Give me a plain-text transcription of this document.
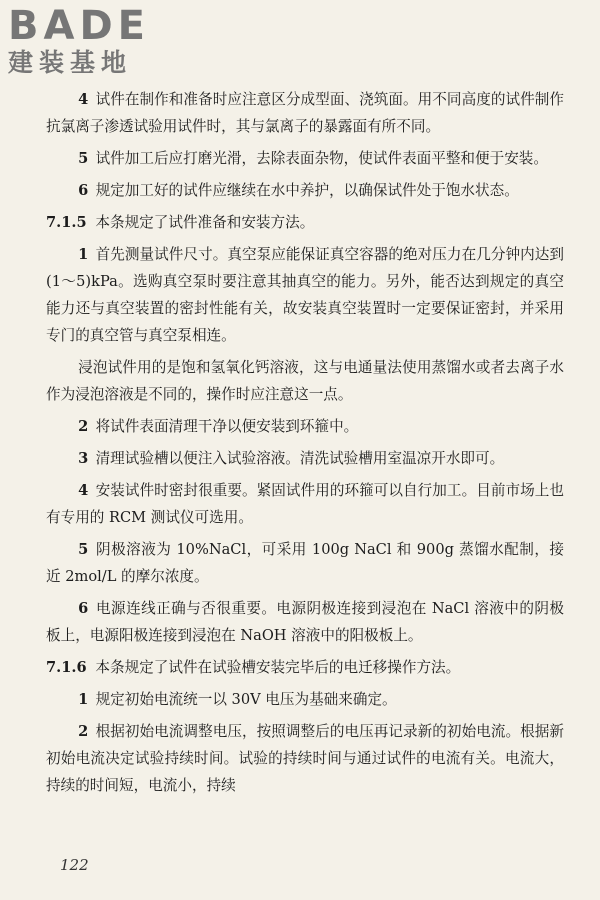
BADE
建装基地

4 试件在制作和准备时应注意区分成型面、浇筑面。用不同高度的试件制作抗氯离子渗透试验用试件时，其与氯离子的暴露面有所不同。

5 试件加工后应打磨光滑，去除表面杂物，使试件表面平整和便于安装。

6 规定加工好的试件应继续在水中养护，以确保试件处于饱水状态。

7.1.5 本条规定了试件准备和安装方法。

1 首先测量试件尺寸。真空泵应能保证真空容器的绝对压力在几分钟内达到(1～5)kPa。选购真空泵时要注意其抽真空的能力。另外，能否达到规定的真空能力还与真空装置的密封性能有关，故安装真空装置时一定要保证密封，并采用专门的真空管与真空泵相连。

浸泡试件用的是饱和氢氧化钙溶液，这与电通量法使用蒸馏水或者去离子水作为浸泡溶液是不同的，操作时应注意这一点。

2 将试件表面清理干净以便安装到环箍中。

3 清理试验槽以便注入试验溶液。清洗试验槽用室温凉开水即可。

4 安装试件时密封很重要。紧固试件用的环箍可以自行加工。目前市场上也有专用的 RCM 测试仪可选用。

5 阴极溶液为 10%NaCl，可采用 100g NaCl 和 900g 蒸馏水配制，接近 2mol/L 的摩尔浓度。

6 电源连线正确与否很重要。电源阴极连接到浸泡在 NaCl 溶液中的阴极板上，电源阳极连接到浸泡在 NaOH 溶液中的阳极板上。

7.1.6 本条规定了试件在试验槽安装完毕后的电迁移操作方法。

1 规定初始电流统一以 30V 电压为基础来确定。

2 根据初始电流调整电压，按照调整后的电压再记录新的初始电流。根据新初始电流决定试验持续时间。试验的持续时间与通过试件的电流有关。电流大，持续的时间短，电流小，持续

122
